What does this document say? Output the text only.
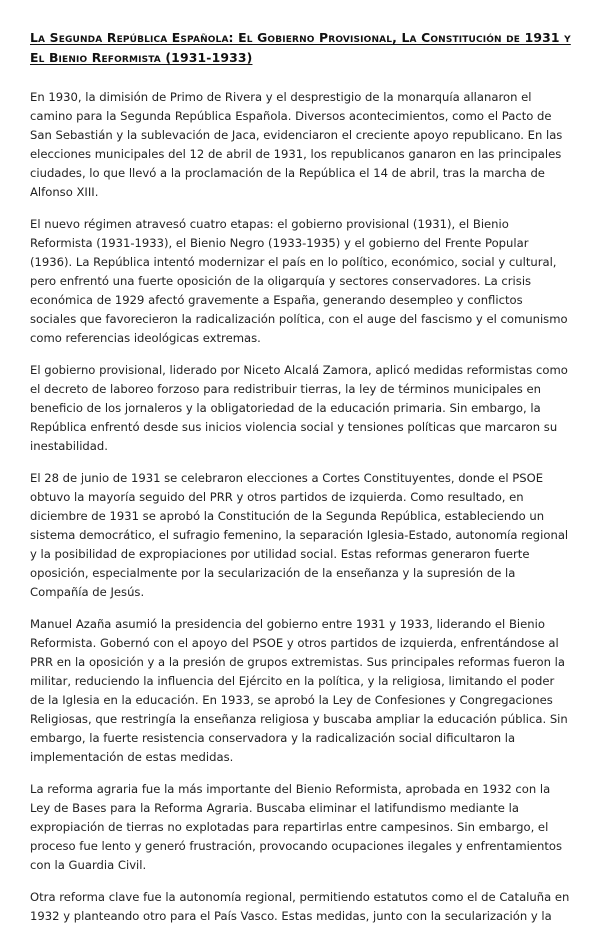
La Segunda República Española: El Gobierno Provisional, La Constitución de 1931 y El Bienio Reformista (1931-1933)

En 1930, la dimisión de Primo de Rivera y el desprestigio de la monarquía allanaron el camino para la Segunda República Española. Diversos acontecimientos, como el Pacto de San Sebastián y la sublevación de Jaca, evidenciaron el creciente apoyo republicano. En las elecciones municipales del 12 de abril de 1931, los republicanos ganaron en las principales ciudades, lo que llevó a la proclamación de la República el 14 de abril, tras la marcha de Alfonso XIII.

El nuevo régimen atravesó cuatro etapas: el gobierno provisional (1931), el Bienio Reformista (1931-1933), el Bienio Negro (1933-1935) y el gobierno del Frente Popular (1936). La República intentó modernizar el país en lo político, económico, social y cultural, pero enfrentó una fuerte oposición de la oligarquía y sectores conservadores. La crisis económica de 1929 afectó gravemente a España, generando desempleo y conflictos sociales que favorecieron la radicalización política, con el auge del fascismo y el comunismo como referencias ideológicas extremas.

El gobierno provisional, liderado por Niceto Alcalá Zamora, aplicó medidas reformistas como el decreto de laboreo forzoso para redistribuir tierras, la ley de términos municipales en beneficio de los jornaleros y la obligatoriedad de la educación primaria. Sin embargo, la República enfrentó desde sus inicios violencia social y tensiones políticas que marcaron su inestabilidad.

El 28 de junio de 1931 se celebraron elecciones a Cortes Constituyentes, donde el PSOE obtuvo la mayoría seguido del PRR y otros partidos de izquierda. Como resultado, en diciembre de 1931 se aprobó la Constitución de la Segunda República, estableciendo un sistema democrático, el sufragio femenino, la separación Iglesia-Estado, autonomía regional y la posibilidad de expropiaciones por utilidad social. Estas reformas generaron fuerte oposición, especialmente por la secularización de la enseñanza y la supresión de la Compañía de Jesús.

Manuel Azaña asumió la presidencia del gobierno entre 1931 y 1933, liderando el Bienio Reformista. Gobernó con el apoyo del PSOE y otros partidos de izquierda, enfrentándose al PRR en la oposición y a la presión de grupos extremistas. Sus principales reformas fueron la militar, reduciendo la influencia del Ejército en la política, y la religiosa, limitando el poder de la Iglesia en la educación. En 1933, se aprobó la Ley de Confesiones y Congregaciones Religiosas, que restringía la enseñanza religiosa y buscaba ampliar la educación pública. Sin embargo, la fuerte resistencia conservadora y la radicalización social dificultaron la implementación de estas medidas.

La reforma agraria fue la más importante del Bienio Reformista, aprobada en 1932 con la Ley de Bases para la Reforma Agraria. Buscaba eliminar el latifundismo mediante la expropiación de tierras no explotadas para repartirlas entre campesinos. Sin embargo, el proceso fue lento y generó frustración, provocando ocupaciones ilegales y enfrentamientos con la Guardia Civil.

Otra reforma clave fue la autonomía regional, permitiendo estatutos como el de Cataluña en 1932 y planteando otro para el País Vasco. Estas medidas, junto con la secularización y la
